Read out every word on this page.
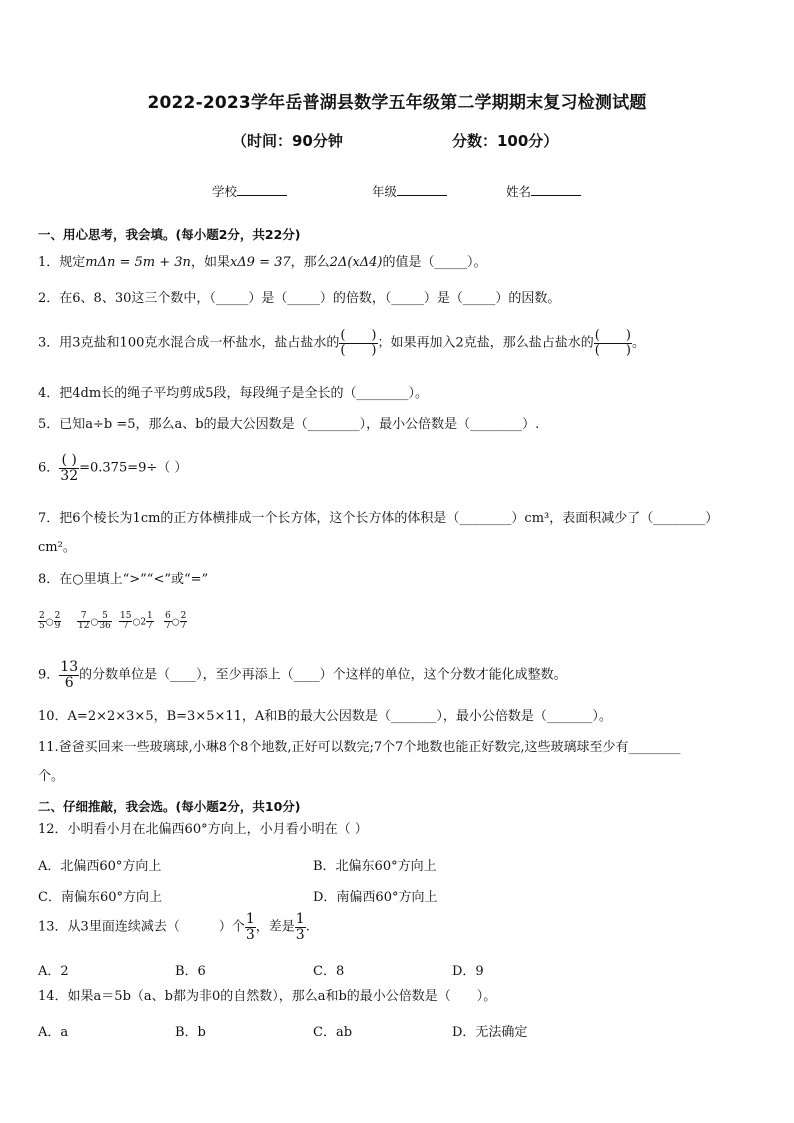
2022-2023学年岳普湖县数学五年级第二学期期末复习检测试题
（时间：90分钟	分数：100分）
学校	年级	姓名
一、用心思考，我会填。(每小题2分，共22分)
1．规定mΔn = 5m + 3n，如果xΔ9 = 37，那么2Δ(xΔ4)的值是（_____）。
2．在6、8、30这三个数中，（_____）是（_____）的倍数，（_____）是（_____）的因数。
3．用3克盐和100克水混合成一杯盐水，盐占盐水的 $\frac{( )}{( )}$ ；如果再加入2克盐，那么盐占盐水的 $\frac{( )}{( )}$ 。
4．把4dm长的绳子平均剪成5段，每段绳子是全长的（________）。
5．已知a÷b =5，那么a、b的最大公因数是（________），最小公倍数是（________）.
6． $\frac{( )}{32} =0.375=9\div$（ ）
7．把6个棱长为1cm的正方体横排成一个长方体，这个长方体的体积是（________）cm³，表面积减少了（________）
cm²。
8．在○里填上“>”“<”或“=”
$\frac{2}{5}$ ○ $\frac{2}{9} \frac{7}{12}$ ○ $\frac{5}{36} \frac{15}{7}$ ○2 $\frac{1}{7} \frac{6}{7}$ ○ $\frac{2}{7}$
9． $\frac{13}{6}$ 的分数单位是（____），至少再添上（____）个这样的单位，这个分数才能化成整数。
10．A=2×2×3×5，B=3×5×11，A和B的最大公因数是（_______），最小公倍数是（_______）。
11.爸爸买回来一些玻璃球,小琳8个8个地数,正好可以数完;7个7个地数也能正好数完,这些玻璃球至少有________
个。
二、仔细推敲，我会选。(每小题2分，共10分)
12．小明看小月在北偏西60°方向上，小月看小明在（ ）
A．北偏西60°方向上	B．北偏东60°方向上
C．南偏东60°方向上	D．南偏西60°方向上
13．从3里面连续减去（　　　）个 $\frac{1}{3}$ ，差是 $\frac{1}{3}$ .
A．2	B．6	C．8	D．9
14．如果a＝5b（a、b都为非0的自然数），那么a和b的最小公倍数是（　　）。
A．a	B．b	C．ab	D．无法确定
